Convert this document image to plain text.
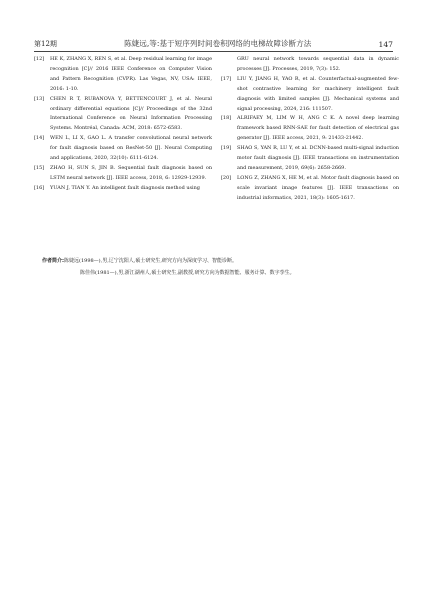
第12期	陈婕远,等:基于短序列时间卷积网络的电梯故障诊断方法	147
[12] HE K, ZHANG X, REN S, et al. Deep residual learning for image recognition [C]// 2016 IEEE Conference on Computer Vision and Pattern Recognition (CVPR). Las Vegas, NV, USA: IEEE, 2016: 1-10.
[13] CHEN R T, RUBANOVA Y, BETTENCOURT J, et al. Neural ordinary differential equations [C]// Proceedings of the 32nd International Conference on Neural Information Processing Systems. Montréal, Canada: ACM, 2018: 6572-6583.
[14] WEN L, LI X, GAO L. A transfer convolutional neural network for fault diagnosis based on ResNet-50 [J]. Neural Computing and applications, 2020, 32(10): 6111-6124.
[15] ZHAO H, SUN S, JIN B. Sequential fault diagnosis based on LSTM neural network [J]. IEEE access, 2018, 6: 12929-12939.
[16] YUAN J, TIAN Y. An intelligent fault diagnosis method using
GRU neural network towards sequential data in dynamic processes [J]. Processes, 2019, 7(3): 152.
[17] LIU Y, JIANG H, YAO R, et al. Counterfactual-augmented few-shot contrastive learning for machinery intelligent fault diagnosis with limited samples [J]. Mechanical systems and signal processing, 2024, 216: 111507.
[18] ALRIFAEY M, LIM W H, ANG C K. A novel deep learning framework based RNN-SAE for fault detection of electrical gas generator [J]. IEEE access, 2021, 9: 21433-21442.
[19] SHAO S, YAN R, LU Y, et al. DCNN-based multi-signal induction motor fault diagnosis [J]. IEEE transactions on instrumentation and measurement, 2019, 69(6): 2658-2669.
[20] LONG Z, ZHANG X, HE M, et al. Motor fault diagnosis based on scale invariant image features [J]. IEEE transactions on industrial informatics, 2021, 18(3): 1605-1617.
作者简介:陈婕远(1998—),男,辽宁沈阳人,硕士研究生,研究方向为深度学习、智能诊断。
陈佳伟(1981—),男,浙江湖州人,硕士研究生,副教授,研究方向为数据智能、服务计算、数字孪生。
